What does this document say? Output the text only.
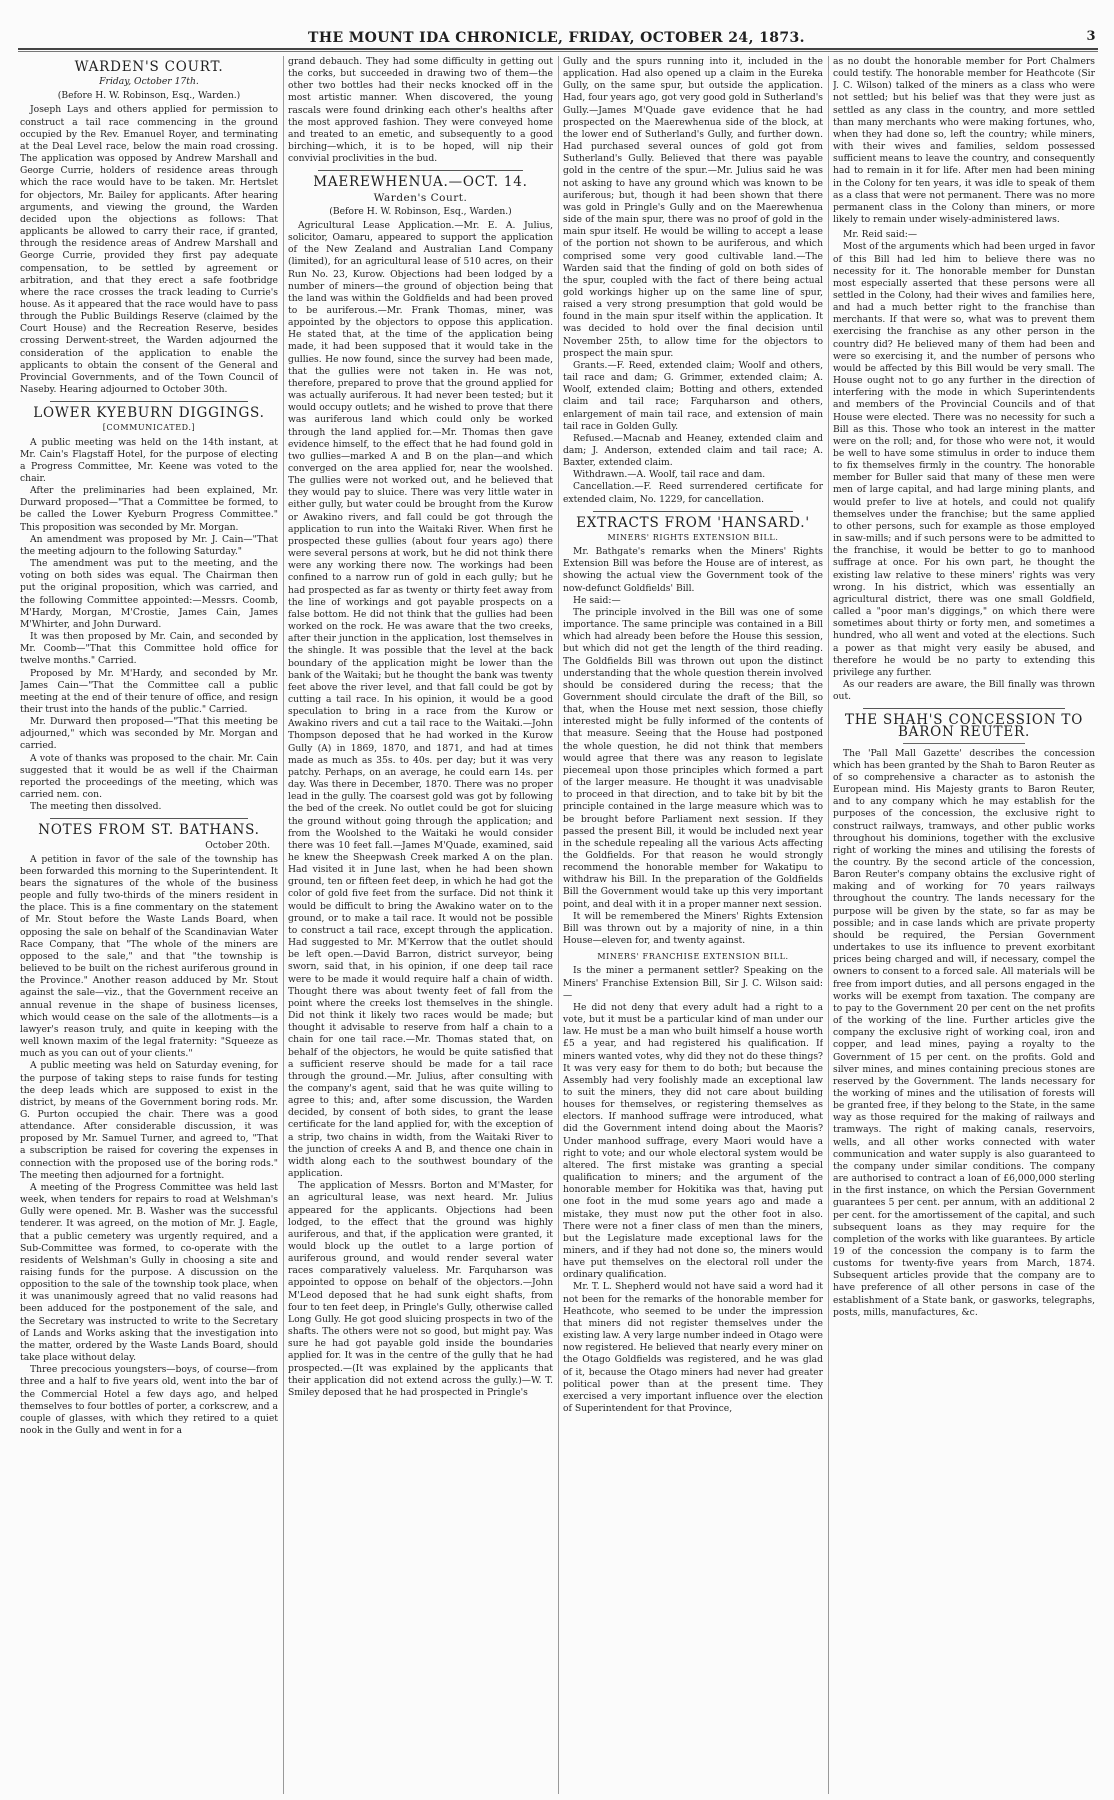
THE MOUNT IDA CHRONICLE, FRIDAY, OCTOBER 24, 1873.	3
WARDEN'S COURT.
Friday, October 17th.
(Before H. W. Robinson, Esq., Warden.)

Joseph Lays and others applied for permission to construct a tail race commencing in the ground occupied by the Rev. Emanuel Royer, and terminating at the Deal Level race, below the main road crossing. The application was opposed by Andrew Marshall and George Currie, holders of residence areas through which the race would have to be taken. Mr. Hertslet for objectors, Mr. Bailey for applicants. After hearing arguments, and viewing the ground, the Warden decided upon the objections as follows: That applicants be allowed to carry their race, if granted, through the residence areas of Andrew Marshall and George Currie, provided they first pay adequate compensation, to be settled by agreement or arbitration, and that they erect a safe footbridge where the race crosses the track leading to Currie's house. As it appeared that the race would have to pass through the Public Buildings Reserve (claimed by the Court House) and the Recreation Reserve, besides crossing Derwent-street, the Warden adjourned the consideration of the application to enable the applicants to obtain the consent of the General and Provincial Governments, and of the Town Council of Naseby. Hearing adjourned to October 30th.

LOWER KYEBURN DIGGINGS.
[COMMUNICATED.]

A public meeting was held on the 14th instant, at Mr. Cain's Flagstaff Hotel, for the purpose of electing a Progress Committee, Mr. Keene was voted to the chair.

After the preliminaries had been explained, Mr. Durward proposed—"That a Committee be formed, to be called the Lower Kyeburn Progress Committee." This proposition was seconded by Mr. Morgan.

An amendment was proposed by Mr. J. Cain—"That the meeting adjourn to the following Saturday."

The amendment was put to the meeting, and the voting on both sides was equal. The Chairman then put the original proposition, which was carried, and the following Committee appointed:—Messrs. Coomb, M'Hardy, Morgan, M'Crostie, James Cain, James M'Whirter, and John Durward.

It was then proposed by Mr. Cain, and seconded by Mr. Coomb—"That this Committee hold office for twelve months." Carried.

Proposed by Mr. M'Hardy, and seconded by Mr. James Cain—"That the Committee call a public meeting at the end of their tenure of office, and resign their trust into the hands of the public." Carried.

Mr. Durward then proposed—"That this meeting be adjourned," which was seconded by Mr. Morgan and carried.

A vote of thanks was proposed to the chair. Mr. Cain suggested that it would be as well if the Chairman reported the proceedings of the meeting, which was carried nem. con.

The meeting then dissolved.

NOTES FROM ST. BATHANS.
October 20th.

A petition in favor of the sale of the township has been forwarded this morning to the Superintendent. It bears the signatures of the whole of the business people and fully two-thirds of the miners resident in the place. This is a fine commentary on the statement of Mr. Stout before the Waste Lands Board, when opposing the sale on behalf of the Scandinavian Water Race Company, that "The whole of the miners are opposed to the sale," and that "the township is believed to be built on the richest auriferous ground in the Province." Another reason adduced by Mr. Stout against the sale—viz., that the Government receive an annual revenue in the shape of business licenses, which would cease on the sale of the allotments—is a lawyer's reason truly, and quite in keeping with the well known maxim of the legal fraternity: "Squeeze as much as you can out of your clients."

A public meeting was held on Saturday evening, for the purpose of taking steps to raise funds for testing the deep leads which are supposed to exist in the district, by means of the Government boring rods. Mr. G. Purton occupied the chair. There was a good attendance. After considerable discussion, it was proposed by Mr. Samuel Turner, and agreed to, "That a subscription be raised for covering the expenses in connection with the proposed use of the boring rods." The meeting then adjourned for a fortnight.

A meeting of the Progress Committee was held last week, when tenders for repairs to road at Welshman's Gully were opened. Mr. B. Washer was the successful tenderer. It was agreed, on the motion of Mr. J. Eagle, that a public cemetery was urgently required, and a Sub-Committee was formed, to co-operate with the residents of Welshman's Gully in choosing a site and raising funds for the purpose. A discussion on the opposition to the sale of the township took place, when it was unanimously agreed that no valid reasons had been adduced for the postponement of the sale, and the Secretary was instructed to write to the Secretary of Lands and Works asking that the investigation into the matter, ordered by the Waste Lands Board, should take place without delay.

Three precocious youngsters—boys, of course—from three and a half to five years old, went into the bar of the Commercial Hotel a few days ago, and helped themselves to four bottles of porter, a corkscrew, and a couple of glasses, with which they retired to a quiet nook in the Gully and went in for a

grand debauch. They had some difficulty in getting out the corks, but succeeded in drawing two of them—the other two bottles had their necks knocked off in the most artistic manner. When discovered, the young rascals were found drinking each other's healths after the most approved fashion. They were conveyed home and treated to an emetic, and subsequently to a good birching—which, it is to be hoped, will nip their convivial proclivities in the bud.

MAEREWHENUA.—OCT. 14.
Warden's Court.
(Before H. W. Robinson, Esq., Warden.)

Agricultural Lease Application.—Mr. E. A. Julius, solicitor, Oamaru, appeared to support the application of the New Zealand and Australian Land Company (limited), for an agricultural lease of 510 acres, on their Run No. 23, Kurow. Objections had been lodged by a number of miners—the ground of objection being that the land was within the Goldfields and had been proved to be auriferous.—Mr. Frank Thomas, miner, was appointed by the objectors to oppose this application. He stated that, at the time of the application being made, it had been supposed that it would take in the gullies. He now found, since the survey had been made, that the gullies were not taken in. He was not, therefore, prepared to prove that the ground applied for was actually auriferous. It had never been tested; but it would occupy outlets; and he wished to prove that there was auriferous land which could only be worked through the land applied for.—Mr. Thomas then gave evidence himself, to the effect that he had found gold in two gullies—marked A and B on the plan—and which converged on the area applied for, near the woolshed. The gullies were not worked out, and he believed that they would pay to sluice. There was very little water in either gully, but water could be brought from the Kurow or Awakino rivers, and fall could be got through the application to run into the Waitaki River. When first he prospected these gullies (about four years ago) there were several persons at work, but he did not think there were any working there now. The workings had been confined to a narrow run of gold in each gully; but he had prospected as far as twenty or thirty feet away from the line of workings and got payable prospects on a false bottom. He did not think that the gullies had been worked on the rock. He was aware that the two creeks, after their junction in the application, lost themselves in the shingle. It was possible that the level at the back boundary of the application might be lower than the bank of the Waitaki; but he thought the bank was twenty feet above the river level, and that fall could be got by cutting a tail race. In his opinion, it would be a good speculation to bring in a race from the Kurow or Awakino rivers and cut a tail race to the Waitaki.—John Thompson deposed that he had worked in the Kurow Gully (A) in 1869, 1870, and 1871, and had at times made as much as 35s. to 40s. per day; but it was very patchy. Perhaps, on an average, he could earn 14s. per day. Was there in December, 1870. There was no proper lead in the gully. The coarsest gold was got by following the bed of the creek. No outlet could be got for sluicing the ground without going through the application; and from the Woolshed to the Waitaki he would consider there was 10 feet fall.—James M'Quade, examined, said he knew the Sheepwash Creek marked A on the plan. Had visited it in June last, when he had been shown ground, ten or fifteen feet deep, in which he had got the color of gold five feet from the surface. Did not think it would be difficult to bring the Awakino water on to the ground, or to make a tail race. It would not be possible to construct a tail race, except through the application. Had suggested to Mr. M'Kerrow that the outlet should be left open.—David Barron, district surveyor, being sworn, said that, in his opinion, if one deep tail race were to be made it would require half a chain of width. Thought there was about twenty feet of fall from the point where the creeks lost themselves in the shingle. Did not think it likely two races would be made; but thought it advisable to reserve from half a chain to a chain for one tail race.—Mr. Thomas stated that, on behalf of the objectors, he would be quite satisfied that a sufficient reserve should be made for a tail race through the ground.—Mr. Julius, after consulting with the company's agent, said that he was quite willing to agree to this; and, after some discussion, the Warden decided, by consent of both sides, to grant the lease certificate for the land applied for, with the exception of a strip, two chains in width, from the Waitaki River to the junction of creeks A and B, and thence one chain in width along each to the southwest boundary of the application.

The application of Messrs. Borton and M'Master, for an agricultural lease, was next heard. Mr. Julius appeared for the applicants. Objections had been lodged, to the effect that the ground was highly auriferous, and that, if the application were granted, it would block up the outlet to a large portion of auriferous ground, and would render several water races comparatively valueless. Mr. Farquharson was appointed to oppose on behalf of the objectors.—John M'Leod deposed that he had sunk eight shafts, from four to ten feet deep, in Pringle's Gully, otherwise called Long Gully. He got good sluicing prospects in two of the shafts. The others were not so good, but might pay. Was sure he had got payable gold inside the boundaries applied for. It was in the centre of the gully that he had prospected.—(It was explained by the applicants that their application did not extend across the gully.)—W. T. Smiley deposed that he had prospected in Pringle's

Gully and the spurs running into it, included in the application. Had also opened up a claim in the Eureka Gully, on the same spur, but outside the application. Had, four years ago, got very good gold in Sutherland's Gully.—James M'Quade gave evidence that he had prospected on the Maerewhenua side of the block, at the lower end of Sutherland's Gully, and further down. Had purchased several ounces of gold got from Sutherland's Gully. Believed that there was payable gold in the centre of the spur.—Mr. Julius said he was not asking to have any ground which was known to be auriferous; but, though it had been shown that there was gold in Pringle's Gully and on the Maerewhenua side of the main spur, there was no proof of gold in the main spur itself. He would be willing to accept a lease of the portion not shown to be auriferous, and which comprised some very good cultivable land.—The Warden said that the finding of gold on both sides of the spur, coupled with the fact of there being actual gold workings higher up on the same line of spur, raised a very strong presumption that gold would be found in the main spur itself within the application. It was decided to hold over the final decision until November 25th, to allow time for the objectors to prospect the main spur.

Grants.—F. Reed, extended claim; Woolf and others, tail race and dam; G. Grimmer, extended claim; A. Woolf, extended claim; Botting and others, extended claim and tail race; Farquharson and others, enlargement of main tail race, and extension of main tail race in Golden Gully.

Refused.—Macnab and Heaney, extended claim and dam; J. Anderson, extended claim and tail race; A. Baxter, extended claim.

Withdrawn.—A. Woolf, tail race and dam.

Cancellation.—F. Reed surrendered certificate for extended claim, No. 1229, for cancellation.

EXTRACTS FROM 'HANSARD.'
MINERS' RIGHTS EXTENSION BILL.

Mr. Bathgate's remarks when the Miners' Rights Extension Bill was before the House are of interest, as showing the actual view the Government took of the now-defunct Goldfields' Bill.

He said:—

The principle involved in the Bill was one of some importance. The same principle was contained in a Bill which had already been before the House this session, but which did not get the length of the third reading. The Goldfields Bill was thrown out upon the distinct understanding that the whole question therein involved should be considered during the recess; that the Government should circulate the draft of the Bill, so that, when the House met next session, those chiefly interested might be fully informed of the contents of that measure. Seeing that the House had postponed the whole question, he did not think that members would agree that there was any reason to legislate piecemeal upon those principles which formed a part of the larger measure. He thought it was unadvisable to proceed in that direction, and to take bit by bit the principle contained in the large measure which was to be brought before Parliament next session. If they passed the present Bill, it would be included next year in the schedule repealing all the various Acts affecting the Goldfields. For that reason he would strongly recommend the honorable member for Wakatipu to withdraw his Bill. In the preparation of the Goldfields Bill the Government would take up this very important point, and deal with it in a proper manner next session.

It will be remembered the Miners' Rights Extension Bill was thrown out by a majority of nine, in a thin House—eleven for, and twenty against.

MINERS' FRANCHISE EXTENSION BILL.

Is the miner a permanent settler? Speaking on the Miners' Franchise Extension Bill, Sir J. C. Wilson said:—

He did not deny that every adult had a right to a vote, but it must be a particular kind of man under our law. He must be a man who built himself a house worth £5 a year, and had registered his qualification. If miners wanted votes, why did they not do these things? It was very easy for them to do both; but because the Assembly had very foolishly made an exceptional law to suit the miners, they did not care about building houses for themselves, or registering themselves as electors. If manhood suffrage were introduced, what did the Government intend doing about the Maoris? Under manhood suffrage, every Maori would have a right to vote; and our whole electoral system would be altered. The first mistake was granting a special qualification to miners; and the argument of the honorable member for Hokitika was that, having put one foot in the mud some years ago and made a mistake, they must now put the other foot in also. There were not a finer class of men than the miners, but the Legislature made exceptional laws for the miners, and if they had not done so, the miners would have put themselves on the electoral roll under the ordinary qualification.

Mr. T. L. Shepherd would not have said a word had it not been for the remarks of the honorable member for Heathcote, who seemed to be under the impression that miners did not register themselves under the existing law. A very large number indeed in Otago were now registered. He believed that nearly every miner on the Otago Goldfields was registered, and he was glad of it, because the Otago miners had never had greater political power than at the present time. They exercised a very important influence over the election of Superintendent for that Province,

as no doubt the honorable member for Port Chalmers could testify. The honorable member for Heathcote (Sir J. C. Wilson) talked of the miners as a class who were not settled; but his belief was that they were just as settled as any class in the country, and more settled than many merchants who were making fortunes, who, when they had done so, left the country; while miners, with their wives and families, seldom possessed sufficient means to leave the country, and consequently had to remain in it for life. After men had been mining in the Colony for ten years, it was idle to speak of them as a class that were not permanent. There was no more permanent class in the Colony than miners, or more likely to remain under wisely-administered laws.

Mr. Reid said:—

Most of the arguments which had been urged in favor of this Bill had led him to believe there was no necessity for it. The honorable member for Dunstan most especially asserted that these persons were all settled in the Colony, had their wives and families here, and had a much better right to the franchise than merchants. If that were so, what was to prevent them exercising the franchise as any other person in the country did? He believed many of them had been and were so exercising it, and the number of persons who would be affected by this Bill would be very small. The House ought not to go any further in the direction of interfering with the mode in which Superintendents and members of the Provincial Councils and of that House were elected. There was no necessity for such a Bill as this. Those who took an interest in the matter were on the roll; and, for those who were not, it would be well to have some stimulus in order to induce them to fix themselves firmly in the country. The honorable member for Buller said that many of these men were men of large capital, and had large mining plants, and would prefer to live at hotels, and could not qualify themselves under the franchise; but the same applied to other persons, such for example as those employed in saw-mills; and if such persons were to be admitted to the franchise, it would be better to go to manhood suffrage at once. For his own part, he thought the existing law relative to these miners' rights was very wrong. In his district, which was essentially an agricultural district, there was one small Goldfield, called a "poor man's diggings," on which there were sometimes about thirty or forty men, and sometimes a hundred, who all went and voted at the elections. Such a power as that might very easily be abused, and therefore he would be no party to extending this privilege any further.

As our readers are aware, the Bill finally was thrown out.

THE SHAH'S CONCESSION TO BARON REUTER.

The 'Pall Mall Gazette' describes the concession which has been granted by the Shah to Baron Reuter as of so comprehensive a character as to astonish the European mind. His Majesty grants to Baron Reuter, and to any company which he may establish for the purposes of the concession, the exclusive right to construct railways, tramways, and other public works throughout his dominions, together with the exclusive right of working the mines and utilising the forests of the country. By the second article of the concession, Baron Reuter's company obtains the exclusive right of making and of working for 70 years railways throughout the country. The lands necessary for the purpose will be given by the state, so far as may be possible; and in case lands which are private property should be required, the Persian Government undertakes to use its influence to prevent exorbitant prices being charged and will, if necessary, compel the owners to consent to a forced sale. All materials will be free from import duties, and all persons engaged in the works will be exempt from taxation. The company are to pay to the Government 20 per cent on the net profits of the working of the line. Further articles give the company the exclusive right of working coal, iron and copper, and lead mines, paying a royalty to the Government of 15 per cent. on the profits. Gold and silver mines, and mines containing precious stones are reserved by the Government. The lands necessary for the working of mines and the utilisation of forests will be granted free, if they belong to the State, in the same way as those required for the making of railways and tramways. The right of making canals, reservoirs, wells, and all other works connected with water communication and water supply is also guaranteed to the company under similar conditions. The company are authorised to contract a loan of £6,000,000 sterling in the first instance, on which the Persian Government guarantees 5 per cent. per annum, with an additional 2 per cent. for the amortissement of the capital, and such subsequent loans as they may require for the completion of the works with like guarantees. By article 19 of the concession the company is to farm the customs for twenty-five years from March, 1874. Subsequent articles provide that the company are to have preference of all other persons in case of the establishment of a State bank, or gasworks, telegraphs, posts, mills, manufactures, &c.
